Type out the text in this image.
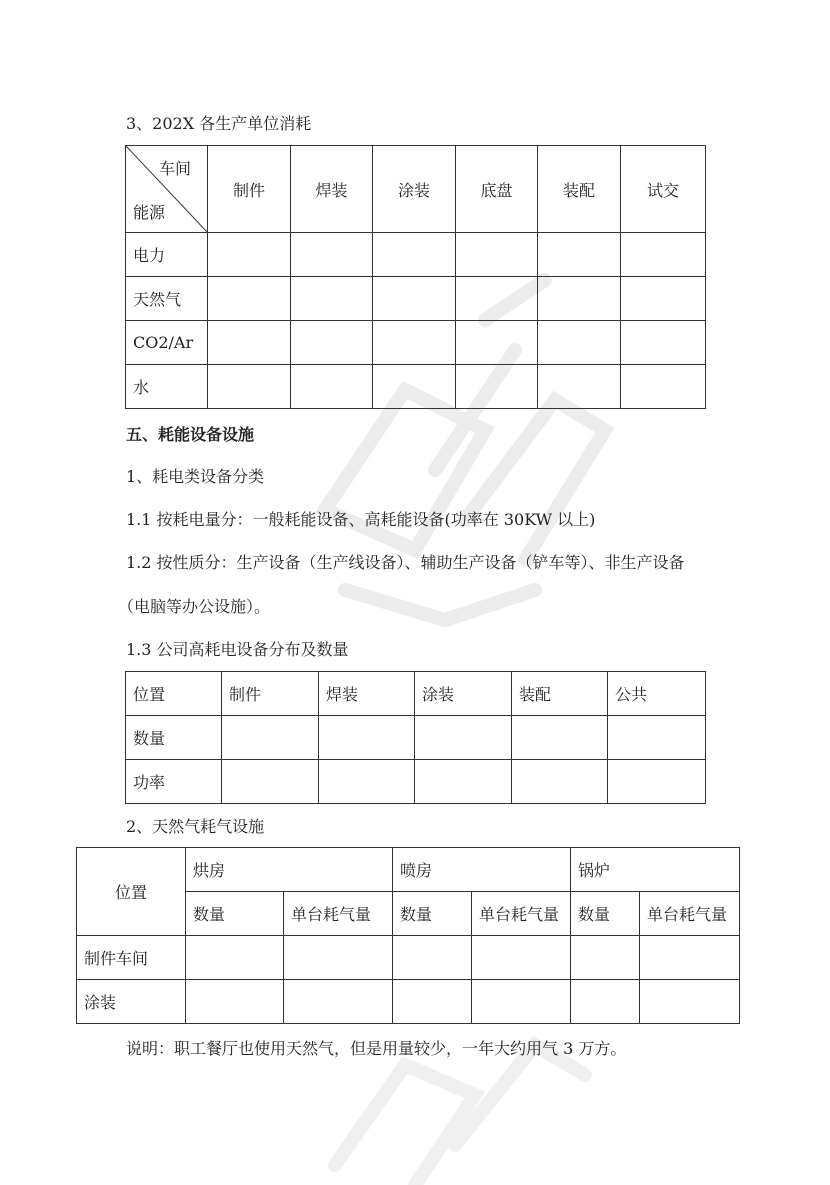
3、202X 各生产单位消耗

车间
能源	制件	焊装	涂装	底盘	装配	试交
电力						
天然气						
CO2/Ar						
水						

五、耗能设备设施

1、耗电类设备分类

1.1 按耗电量分：一般耗能设备、高耗能设备(功率在 30KW 以上)

1.2 按性质分：生产设备（生产线设备）、辅助生产设备（铲车等）、非生产设备

（电脑等办公设施）。

1.3 公司高耗电设备分布及数量

位置	制件	焊装	涂装	装配	公共
数量					
功率					

2、天然气耗气设施

位置	烘房		喷房		锅炉	
	数量	单台耗气量	数量	单台耗气量	数量	单台耗气量
制件车间						
涂装						

说明：职工餐厅也使用天然气，但是用量较少，一年大约用气 3 万方。
